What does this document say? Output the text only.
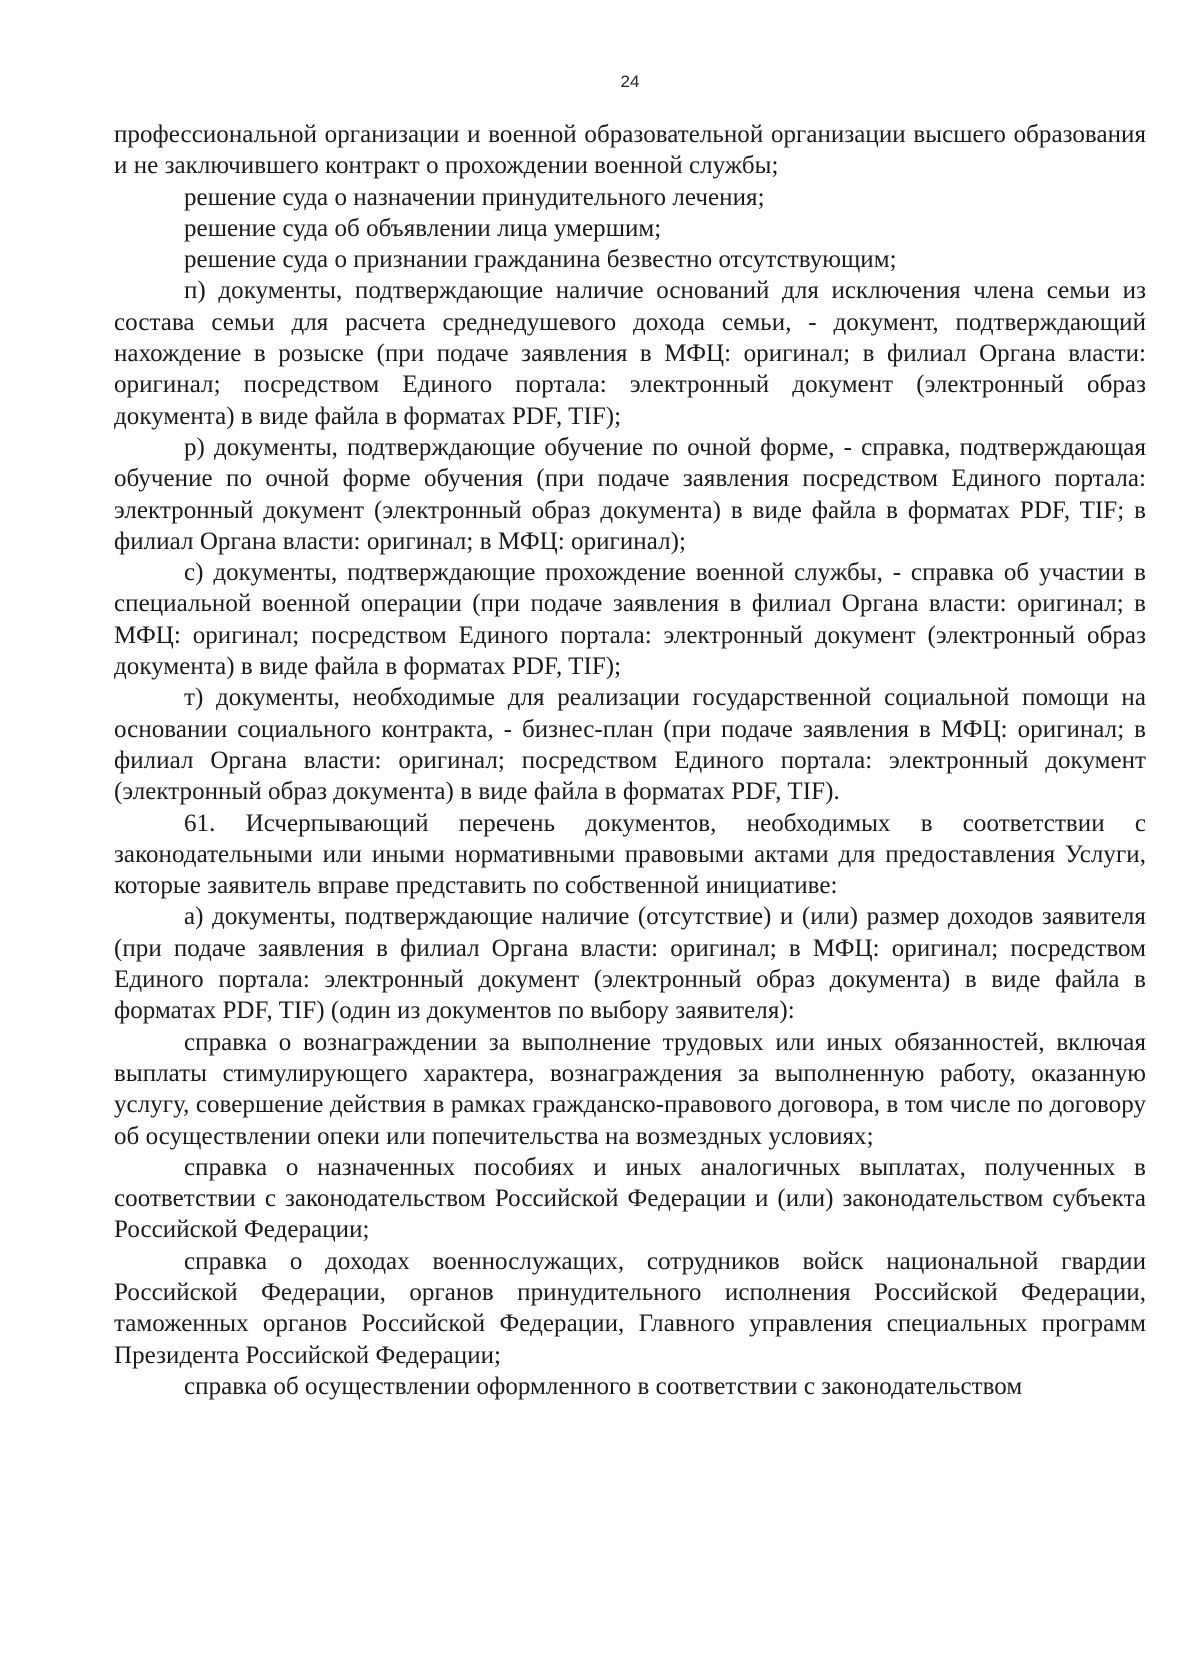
24

профессиональной организации и военной образовательной организации высшего образования и не заключившего контракт о прохождении военной службы;

решение суда о назначении принудительного лечения;

решение суда об объявлении лица умершим;

решение суда о признании гражданина безвестно отсутствующим;

п) документы, подтверждающие наличие оснований для исключения члена семьи из состава семьи для расчета среднедушевого дохода семьи, - документ, подтверждающий нахождение в розыске (при подаче заявления в МФЦ: оригинал; в филиал Органа власти: оригинал; посредством Единого портала: электронный документ (электронный образ документа) в виде файла в форматах PDF, TIF);

р) документы, подтверждающие обучение по очной форме, - справка, подтверждающая обучение по очной форме обучения (при подаче заявления посредством Единого портала: электронный документ (электронный образ документа) в виде файла в форматах PDF, TIF; в филиал Органа власти: оригинал; в МФЦ: оригинал);

с) документы, подтверждающие прохождение военной службы, - справка об участии в специальной военной операции (при подаче заявления в филиал Органа власти: оригинал; в МФЦ: оригинал; посредством Единого портала: электронный документ (электронный образ документа) в виде файла в форматах PDF, TIF);

т) документы, необходимые для реализации государственной социальной помощи на основании социального контракта, - бизнес-план (при подаче заявления в МФЦ: оригинал; в филиал Органа власти: оригинал; посредством Единого портала: электронный документ (электронный образ документа) в виде файла в форматах PDF, TIF).

61. Исчерпывающий перечень документов, необходимых в соответствии с законодательными или иными нормативными правовыми актами для предоставления Услуги, которые заявитель вправе представить по собственной инициативе:

а) документы, подтверждающие наличие (отсутствие) и (или) размер доходов заявителя (при подаче заявления в филиал Органа власти: оригинал; в МФЦ: оригинал; посредством Единого портала: электронный документ (электронный образ документа) в виде файла в форматах PDF, TIF) (один из документов по выбору заявителя):

справка о вознаграждении за выполнение трудовых или иных обязанностей, включая выплаты стимулирующего характера, вознаграждения за выполненную работу, оказанную услугу, совершение действия в рамках гражданско-правового договора, в том числе по договору об осуществлении опеки или попечительства на возмездных условиях;

справка о назначенных пособиях и иных аналогичных выплатах, полученных в соответствии с законодательством Российской Федерации и (или) законодательством субъекта Российской Федерации;

справка о доходах военнослужащих, сотрудников войск национальной гвардии Российской Федерации, органов принудительного исполнения Российской Федерации, таможенных органов Российской Федерации, Главного управления специальных программ Президента Российской Федерации;

справка об осуществлении оформленного в соответствии с законодательством
